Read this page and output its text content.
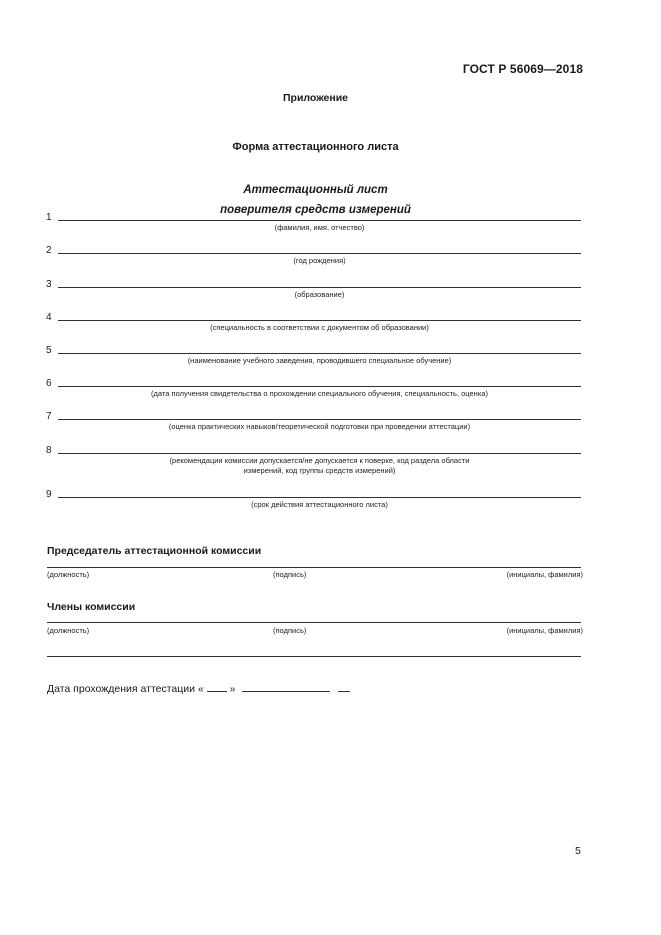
ГОСТ Р 56069—2018
Приложение
Форма аттестационного листа
Аттестационный лист
поверителя средств измерений
1
(фамилия, имя, отчество)
2
(год рождения)
3
(образование)
4
(специальность в соответствии с документом об образовании)
5
(наименование учебного заведения, проводившего специальное обучение)
6
(дата получения свидетельства о прохождении специального обучения, специальность, оценка)
7
(оценка практических навыков/теоретической подготовки при проведении аттестации)
8
(рекомендации комиссии допускается/не допускается к поверке, код раздела области
измерений, код группы средств измерений)
9
(срок действия аттестационного листа)
Председатель аттестационной комиссии
(должность)	(подпись)	(инициалы, фамилия)
Члены комиссии
(должность)	(подпись)	(инициалы, фамилия)
Дата прохождения аттестации « »
5
